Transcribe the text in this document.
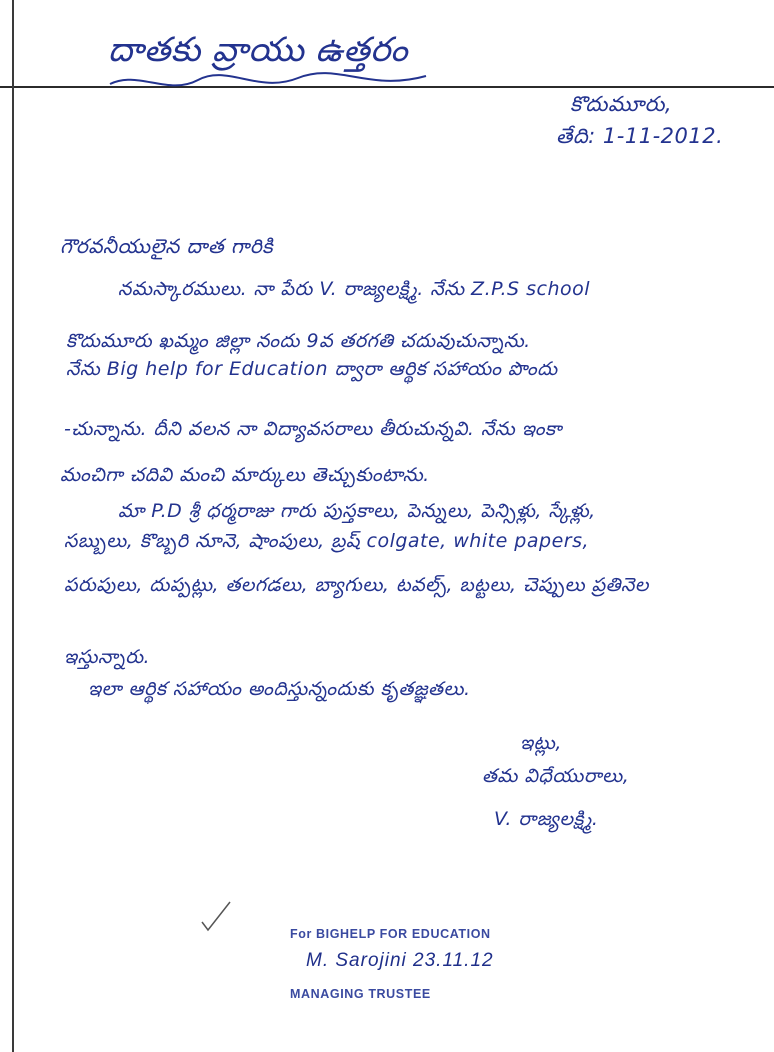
దాతకు వ్రాయు ఉత్తరం
కొదుమూరు,
తేది: 1-11-2012.
గౌరవనీయులైన దాత గారికి
నమస్కారములు. నా పేరు V. రాజ్యలక్ష్మి. నేను Z.P.S school
కొదుమూరు ఖమ్మం జిల్లా నందు 9వ తరగతి చదువుచున్నాను.
నేను Big help for Education ద్వారా ఆర్థిక సహాయం పొందు
-చున్నాను. దీని వలన నా విద్యావసరాలు తీరుచున్నవి. నేను ఇంకా
మంచిగా చదివి మంచి మార్కులు తెచ్చుకుంటాను.
మా P.D శ్రీ ధర్మరాజు గారు పుస్తకాలు, పెన్నులు, పెన్సిళ్లు, స్కేళ్లు,
సబ్బులు, కొబ్బరి నూనె, షాంపులు, బ్రష్ colgate, white papers,
పరుపులు, దుప్పట్లు, తలగడలు, బ్యాగులు, టవల్స్, బట్టలు, చెప్పులు ప్రతినెల
ఇస్తున్నారు.
ఇలా ఆర్థిక సహాయం అందిస్తున్నందుకు కృతజ్ఞతలు.
ఇట్లు,
తమ విధేయురాలు,
V. రాజ్యలక్ష్మి.
For BIGHELP FOR EDUCATION
M. Sarojini 23.11.12
MANAGING TRUSTEE
